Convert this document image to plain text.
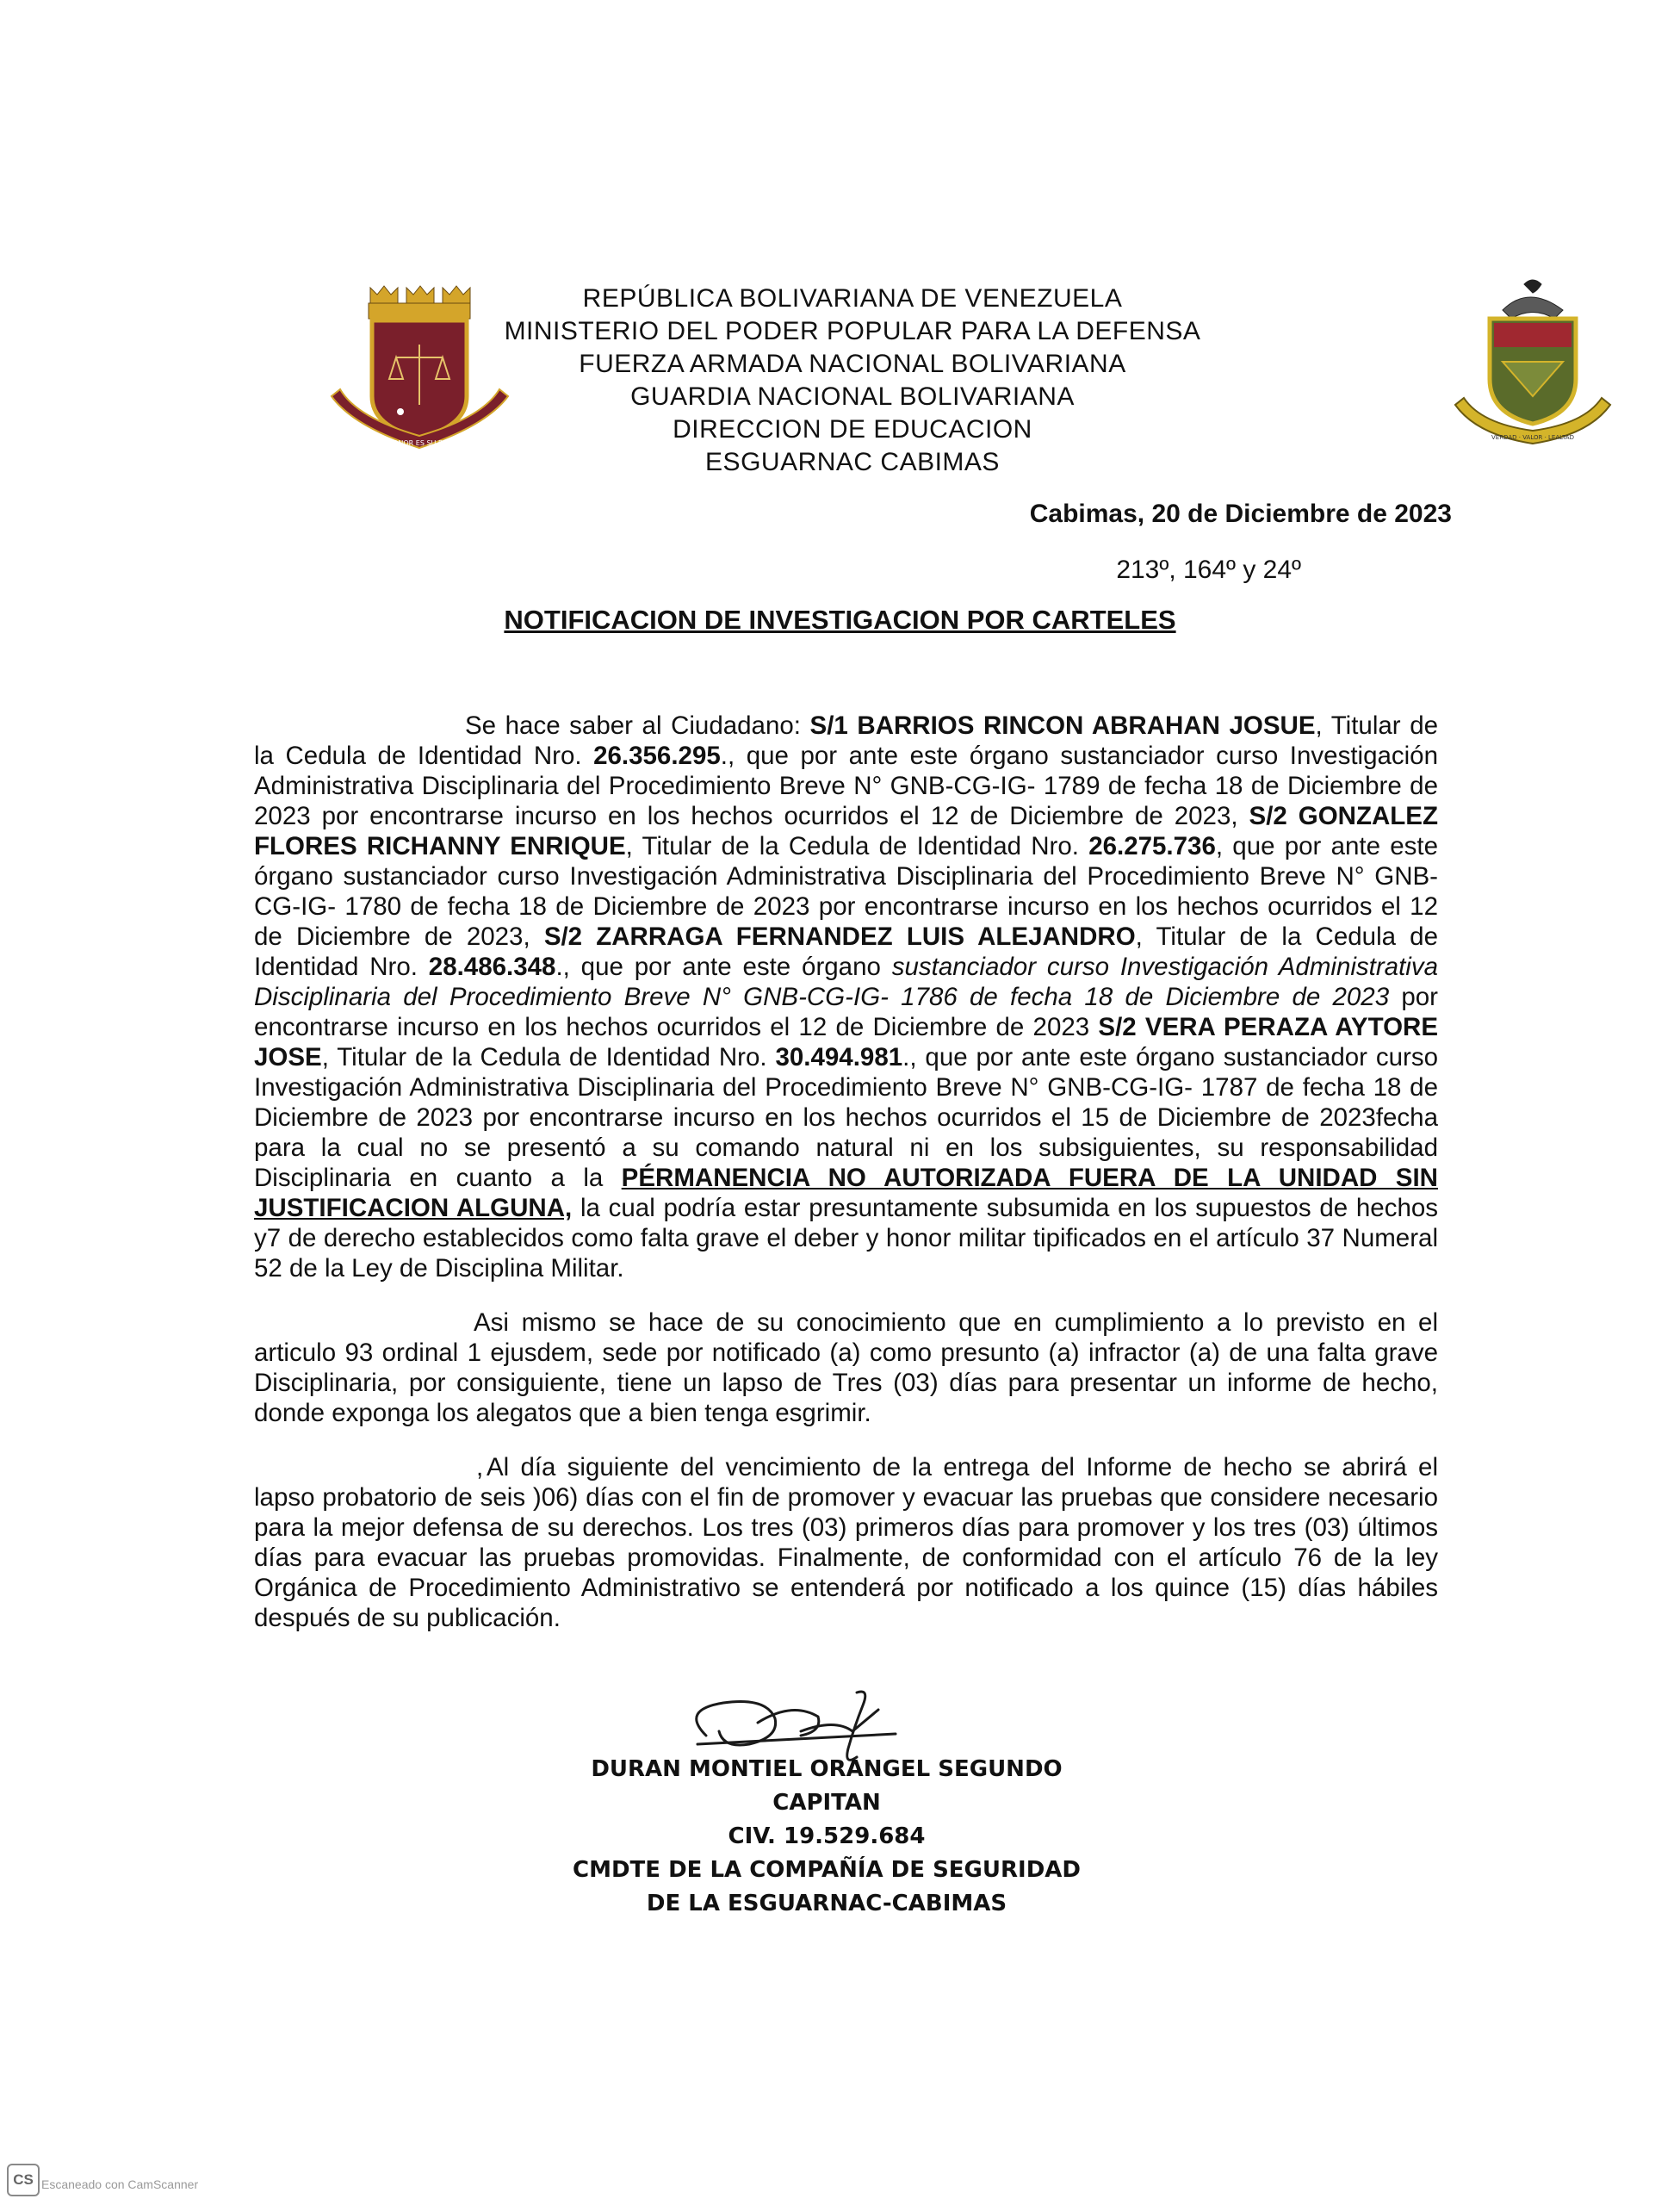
EL HONOR ES SU DIVISA
VERDAD · VALOR · LEALTAD
REPÚBLICA BOLIVARIANA DE VENEZUELA
MINISTERIO DEL PODER POPULAR PARA LA DEFENSA
FUERZA ARMADA NACIONAL BOLIVARIANA
GUARDIA NACIONAL BOLIVARIANA
DIRECCION DE EDUCACION
ESGUARNAC CABIMAS
Cabimas, 20 de Diciembre de 2023
213º, 164º y 24º
NOTIFICACION DE INVESTIGACION POR CARTELES

Se hace saber al Ciudadano: S/1 BARRIOS RINCON ABRAHAN JOSUE, Titular de la Cedula de Identidad Nro. 26.356.295., que por ante este órgano sustanciador curso Investigación Administrativa Disciplinaria del Procedimiento Breve N° GNB-CG-IG- 1789 de fecha 18 de Diciembre de 2023 por encontrarse incurso en los hechos ocurridos el 12 de Diciembre de 2023, S/2 GONZALEZ FLORES RICHANNY ENRIQUE, Titular de la Cedula de Identidad Nro. 26.275.736, que por ante este órgano sustanciador curso Investigación Administrativa Disciplinaria del Procedimiento Breve N° GNB-CG-IG- 1780 de fecha 18 de Diciembre de 2023 por encontrarse incurso en los hechos ocurridos el 12 de Diciembre de 2023, S/2 ZARRAGA FERNANDEZ LUIS ALEJANDRO, Titular de la Cedula de Identidad Nro. 28.486.348., que por ante este órgano sustanciador curso Investigación Administrativa Disciplinaria del Procedimiento Breve N° GNB-CG-IG- 1786 de fecha 18 de Diciembre de 2023 por encontrarse incurso en los hechos ocurridos el 12 de Diciembre de 2023 S/2 VERA PERAZA AYTORE JOSE, Titular de la Cedula de Identidad Nro. 30.494.981., que por ante este órgano sustanciador curso Investigación Administrativa Disciplinaria del Procedimiento Breve N° GNB-CG-IG- 1787 de fecha 18 de Diciembre de 2023 por encontrarse incurso en los hechos ocurridos el 15 de Diciembre de 2023fecha para la cual no se presentó a su comando natural ni en los subsiguientes, su responsabilidad Disciplinaria en cuanto a la PÉRMANENCIA NO AUTORIZADA FUERA DE LA UNIDAD SIN JUSTIFICACION ALGUNA, la cual podría estar presuntamente subsumida en los supuestos de hechos y7 de derecho establecidos como falta grave el deber y honor militar tipificados en el artículo 37 Numeral 52 de la Ley de Disciplina Militar.

Asi mismo se hace de su conocimiento que en cumplimiento a lo previsto en el articulo 93 ordinal 1 ejusdem, sede por notificado (a) como presunto (a) infractor (a) de una falta grave Disciplinaria, por consiguiente, tiene un lapso de Tres (03) días para presentar un informe de hecho, donde exponga los alegatos que a bien tenga esgrimir.

, Al día siguiente del vencimiento de la entrega del Informe de hecho se abrirá el lapso probatorio de seis )06) días con el fin de promover y evacuar las pruebas que considere necesario para la mejor defensa de su derechos. Los tres (03) primeros días para promover y los tres (03) últimos días para evacuar las pruebas promovidas. Finalmente, de conformidad con el artículo 76 de la ley Orgánica de Procedimiento Administrativo se entenderá por notificado a los quince (15) días hábiles después de su publicación.

DURAN MONTIEL ORANGEL SEGUNDO
CAPITAN
CIV. 19.529.684
CMDTE DE LA COMPAÑÍA DE SEGURIDAD
DE LA ESGUARNAC-CABIMAS
CS Escaneado con CamScanner
